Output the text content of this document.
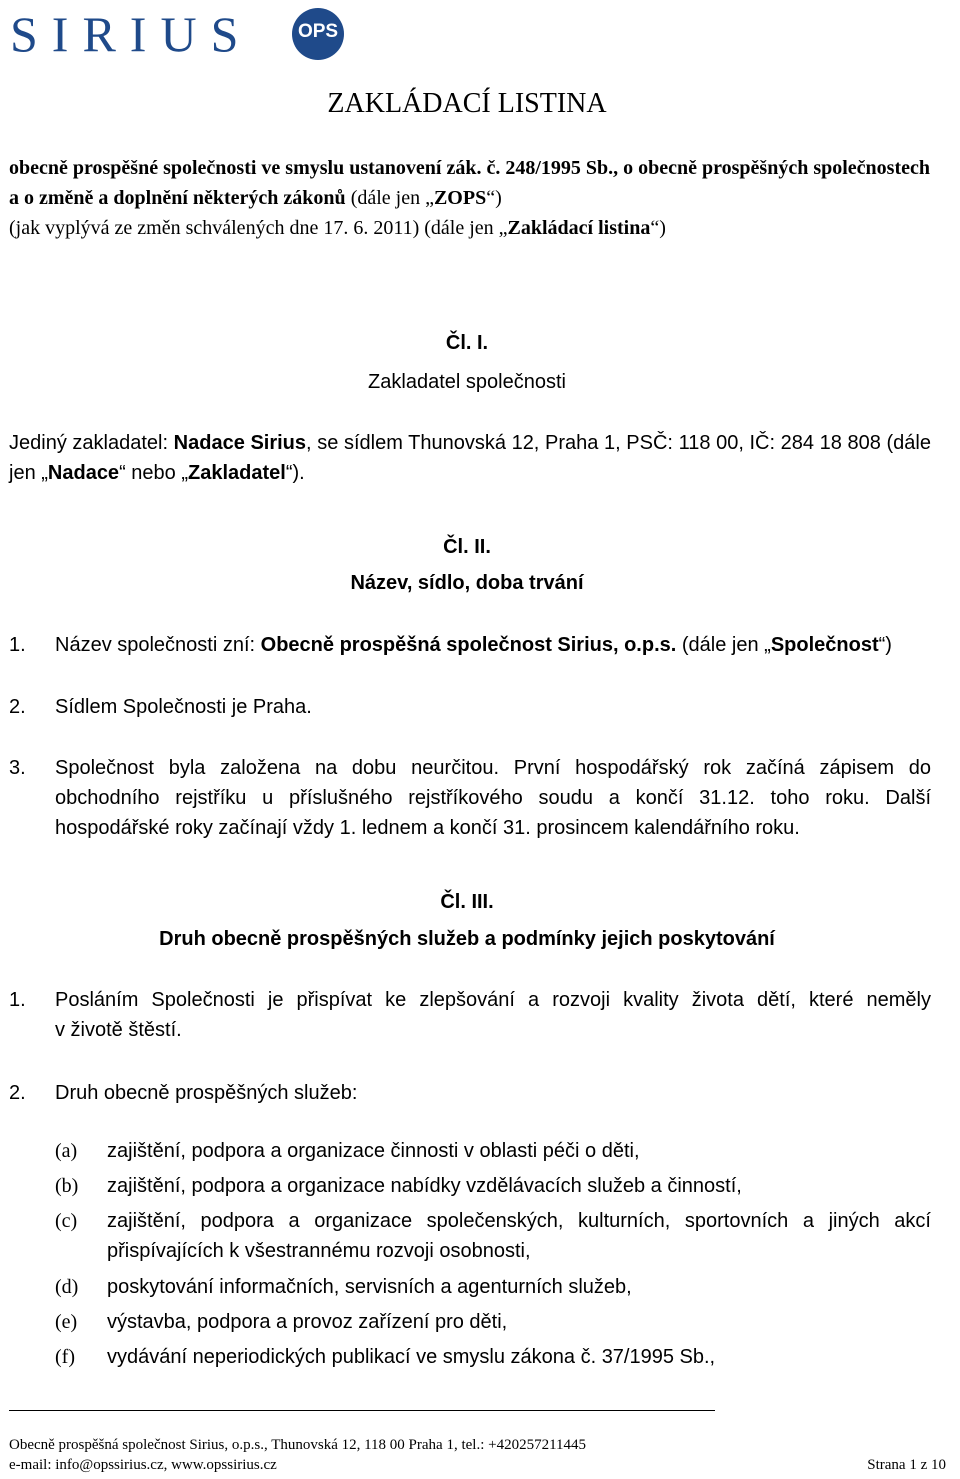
SIRIUS	OPS
ZAKLÁDACÍ LISTINA
obecně prospěšné společnosti ve smyslu ustanovení zák. č. 248/1995 Sb., o obecně prospěšných společnostech a o změně a doplnění některých zákonů (dále jen „ZOPS“)
(jak vyplývá ze změn schválených dne 17. 6. 2011) (dále jen „Zakládací listina“)
Čl. I.
Zakladatel společnosti
Jediný zakladatel: Nadace Sirius, se sídlem Thunovská 12, Praha 1, PSČ: 118 00, IČ: 284 18 808 (dále jen „Nadace“ nebo „Zakladatel“).
Čl. II.
Název, sídlo, doba trvání
1. Název společnosti zní: Obecně prospěšná společnost Sirius, o.p.s. (dále jen „Společnost“)
2. Sídlem Společnosti je Praha.
3. Společnost byla založena na dobu neurčitou. První hospodářský rok začíná zápisem do
obchodního rejstříku u příslušného rejstříkového soudu a končí 31.12. toho roku. Další
hospodářské roky začínají vždy 1. lednem a končí 31. prosincem kalendářního roku.
Čl. III.
Druh obecně prospěšných služeb a podmínky jejich poskytování
1. Posláním Společnosti je přispívat ke zlepšování a rozvoji kvality života dětí, které neměly
v životě štěstí.
2. Druh obecně prospěšných služeb:
(a) zajištění, podpora a organizace činnosti v oblasti péči o děti,
(b) zajištění, podpora a organizace nabídky vzdělávacích služeb a činností,
(c) zajištění, podpora a organizace společenských, kulturních, sportovních a jiných akcí
přispívajících k všestrannému rozvoji osobnosti,
(d) poskytování informačních, servisních a agenturních služeb,
(e) výstavba, podpora a provoz zařízení pro děti,
(f) vydávání neperiodických publikací ve smyslu zákona č. 37/1995 Sb.,
Obecně prospěšná společnost Sirius, o.p.s., Thunovská 12, 118 00 Praha 1, tel.: +420257211445
e-mail: info@opssirius.cz, www.opssirius.cz	Strana 1 z 10
